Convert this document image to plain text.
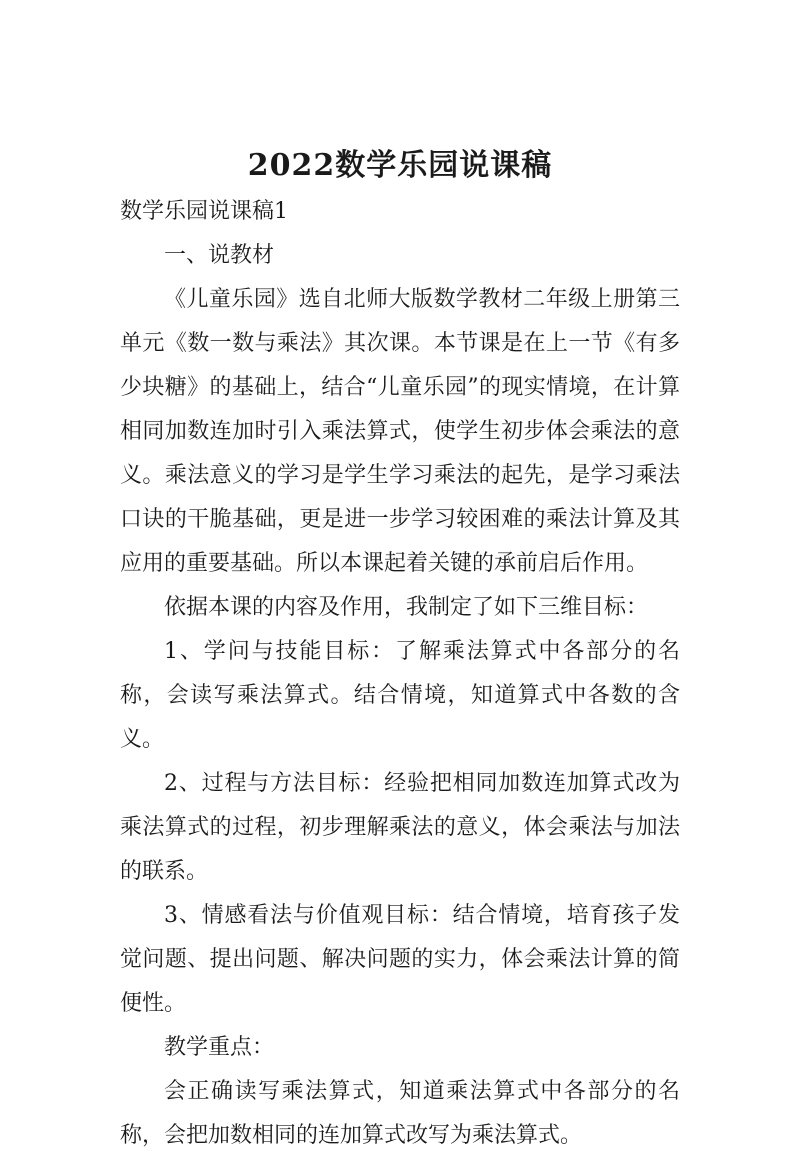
2022数学乐园说课稿

数学乐园说课稿1

一、说教材

《儿童乐园》选自北师大版数学教材二年级上册第三单元《数一数与乘法》其次课。本节课是在上一节《有多少块糖》的基础上，结合“儿童乐园”的现实情境，在计算相同加数连加时引入乘法算式，使学生初步体会乘法的意义。乘法意义的学习是学生学习乘法的起先，是学习乘法口诀的干脆基础，更是进一步学习较困难的乘法计算及其应用的重要基础。所以本课起着关键的承前启后作用。

依据本课的内容及作用，我制定了如下三维目标：

1、学问与技能目标：了解乘法算式中各部分的名称，会读写乘法算式。结合情境，知道算式中各数的含义。

2、过程与方法目标：经验把相同加数连加算式改为乘法算式的过程，初步理解乘法的意义，体会乘法与加法的联系。

3、情感看法与价值观目标：结合情境，培育孩子发觉问题、提出问题、解决问题的实力，体会乘法计算的简便性。

教学重点：

会正确读写乘法算式，知道乘法算式中各部分的名称，会把加数相同的连加算式改写为乘法算式。
